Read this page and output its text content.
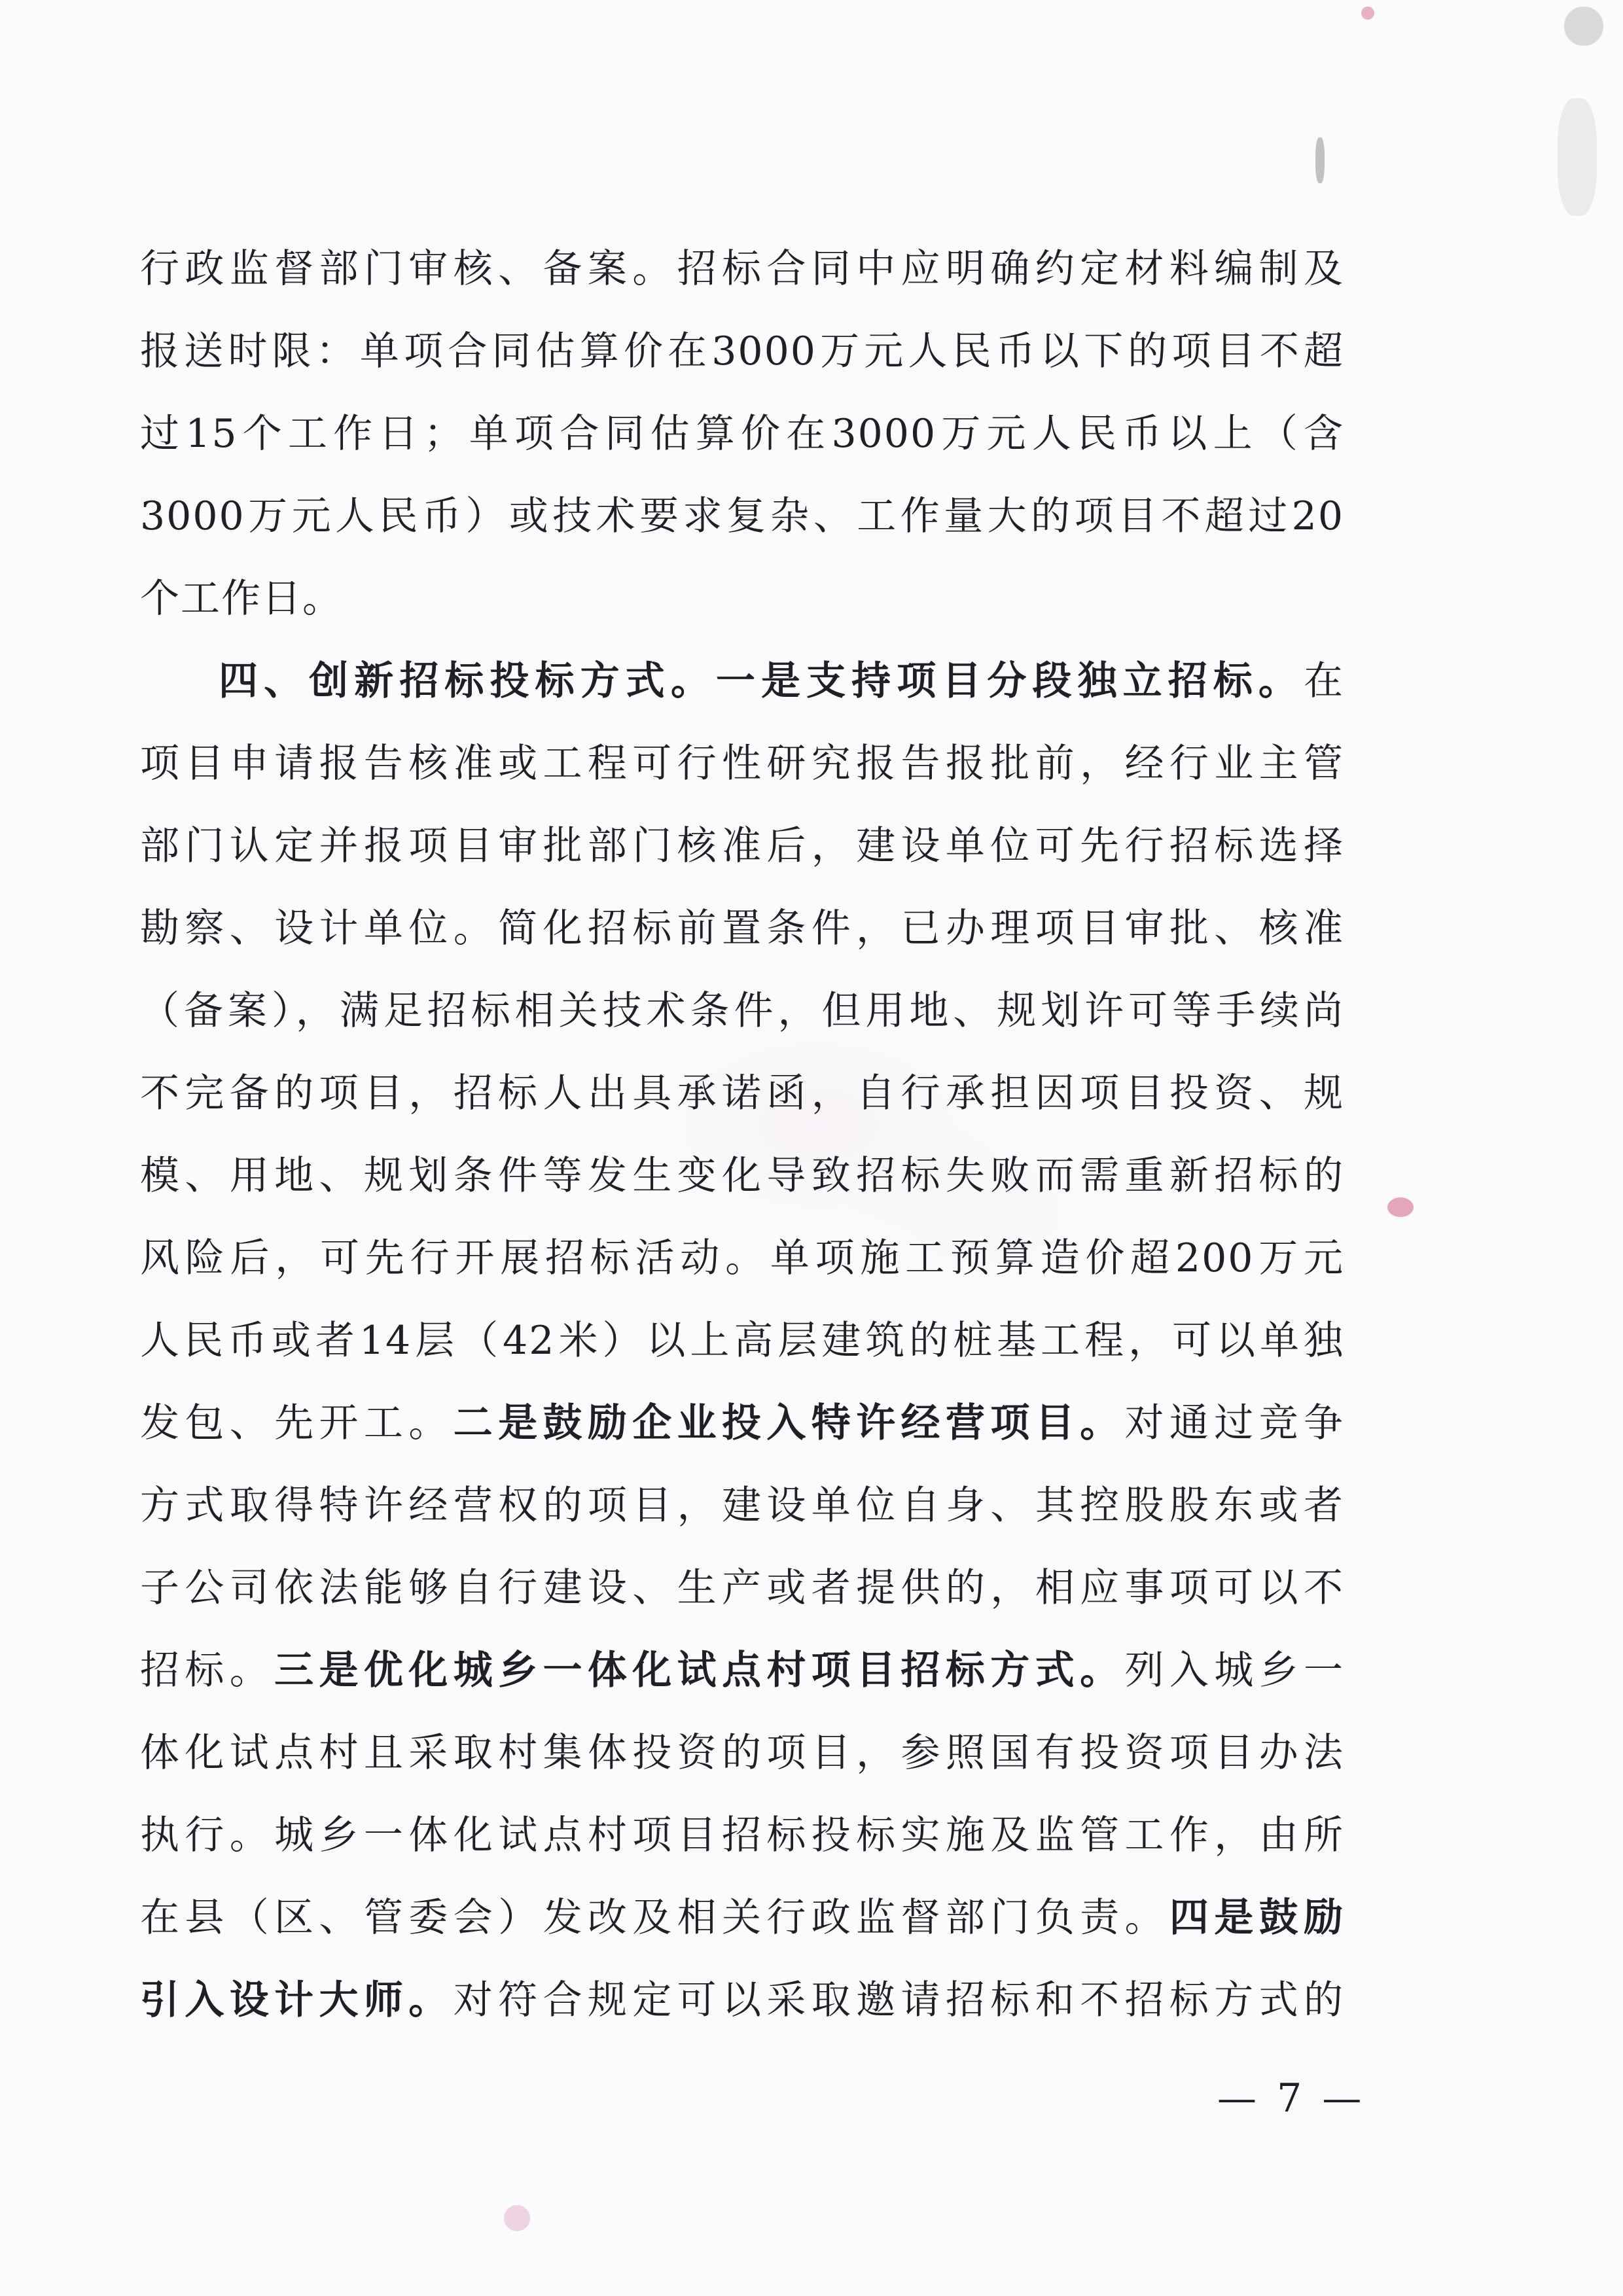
行政监督部门审核、备案。招标合同中应明确约定材料编制及
报送时限：单项合同估算价在3000万元人民币以下的项目不超
过15个工作日；单项合同估算价在3000万元人民币以上（含
3000万元人民币）或技术要求复杂、工作量大的项目不超过20
个工作日。
四、创新招标投标方式。一是支持项目分段独立招标。在
项目申请报告核准或工程可行性研究报告报批前，经行业主管
部门认定并报项目审批部门核准后，建设单位可先行招标选择
勘察、设计单位。简化招标前置条件，已办理项目审批、核准
（备案），满足招标相关技术条件，但用地、规划许可等手续尚
不完备的项目，招标人出具承诺函，自行承担因项目投资、规
模、用地、规划条件等发生变化导致招标失败而需重新招标的
风险后，可先行开展招标活动。单项施工预算造价超200万元
人民币或者14层（42米）以上高层建筑的桩基工程，可以单独
发包、先开工。二是鼓励企业投入特许经营项目。对通过竞争
方式取得特许经营权的项目，建设单位自身、其控股股东或者
子公司依法能够自行建设、生产或者提供的，相应事项可以不
招标。三是优化城乡一体化试点村项目招标方式。列入城乡一
体化试点村且采取村集体投资的项目，参照国有投资项目办法
执行。城乡一体化试点村项目招标投标实施及监管工作，由所
在县（区、管委会）发改及相关行政监督部门负责。四是鼓励
引入设计大师。对符合规定可以采取邀请招标和不招标方式的
— 7 —
